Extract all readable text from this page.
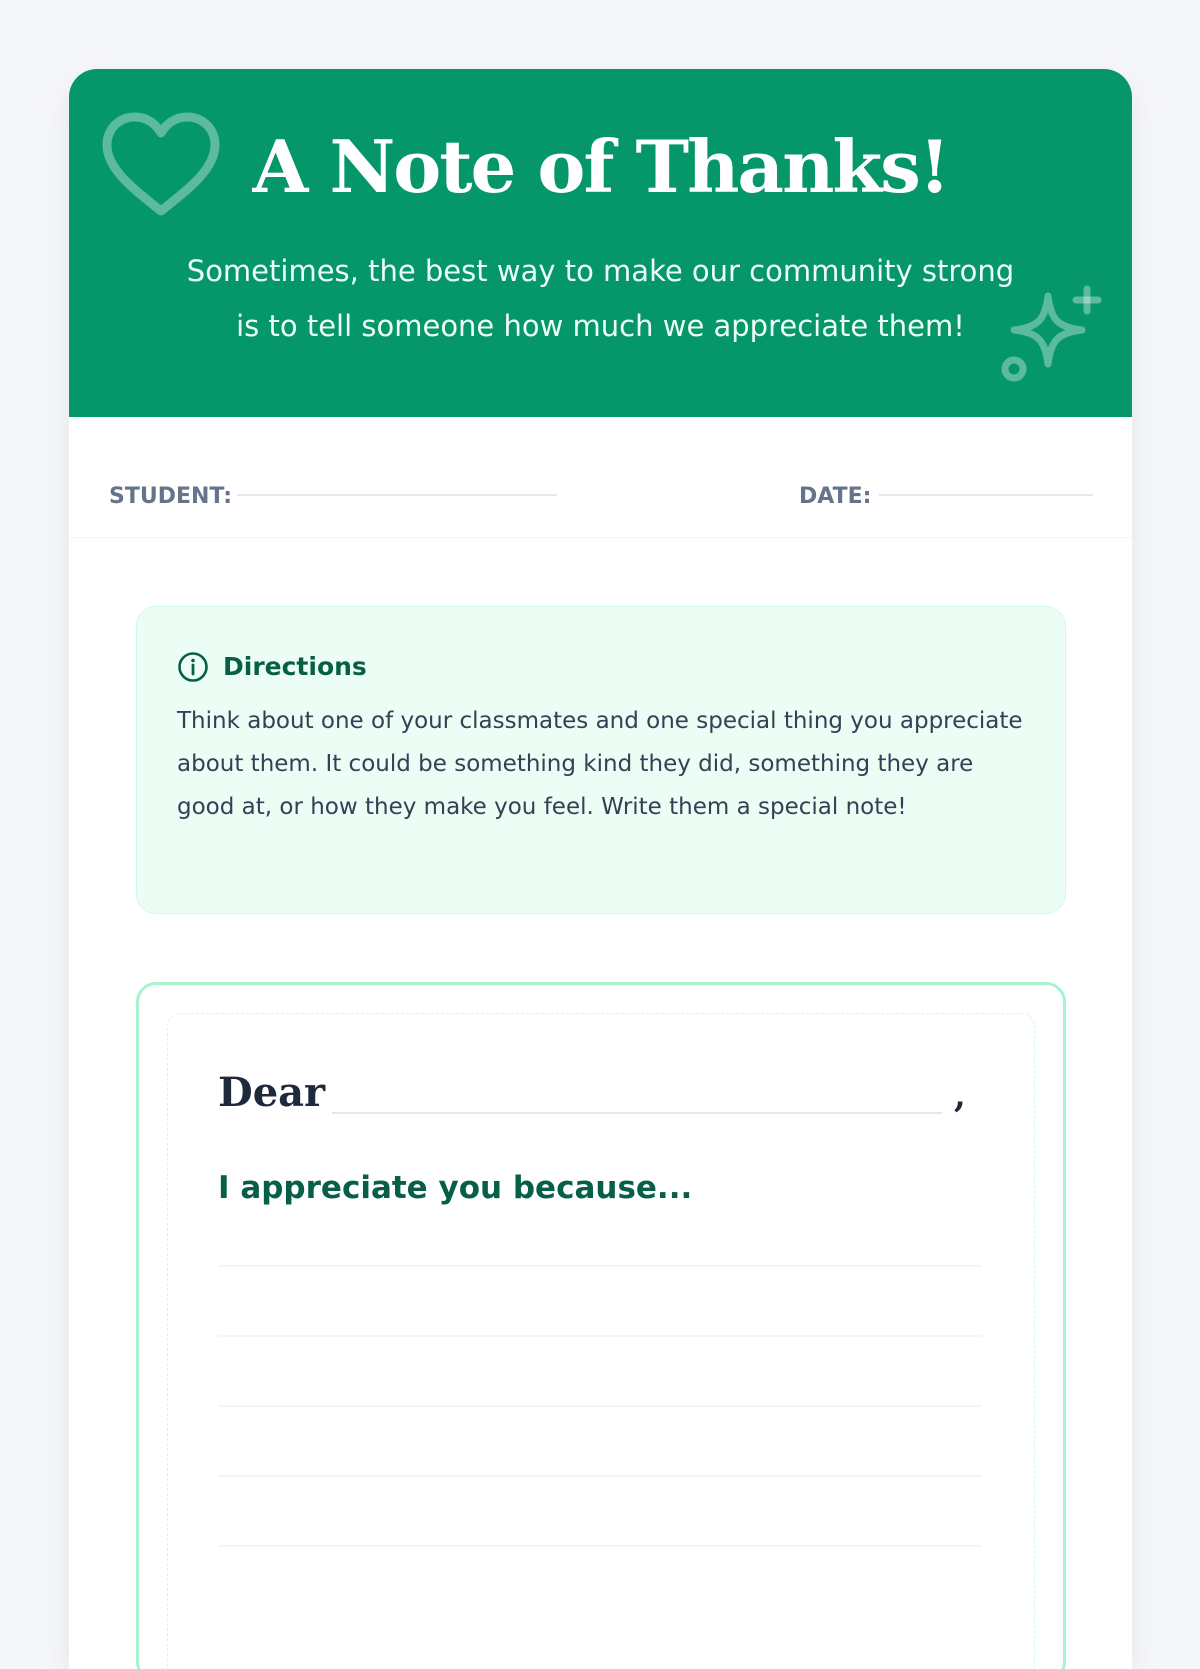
A Note of Thanks!

Sometimes, the best way to make our community strong
is to tell someone how much we appreciate them!

STUDENT:	DATE:
Directions

Think about one of your classmates and one special thing you appreciate about them. It could be something kind they did, something they are good at, or how they make you feel. Write them a special note!

Dear	,
I appreciate you because...
